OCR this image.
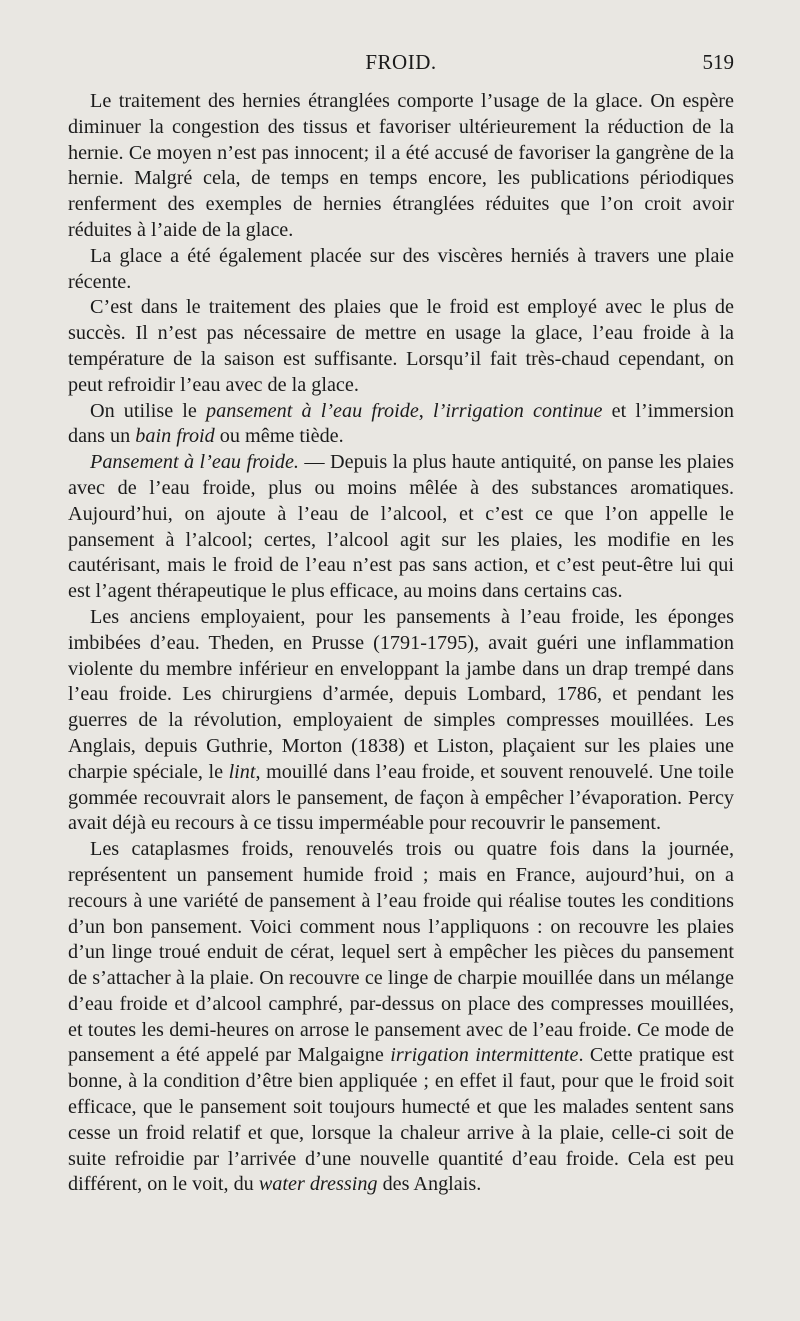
FROID.	519

Le traitement des hernies étranglées comporte l’usage de la glace. On espère diminuer la congestion des tissus et favoriser ultérieurement la réduction de la hernie. Ce moyen n’est pas innocent; il a été accusé de favoriser la gangrène de la hernie. Malgré cela, de temps en temps encore, les publications périodiques renferment des exemples de hernies étranglées réduites que l’on croit avoir réduites à l’aide de la glace.

La glace a été également placée sur des viscères herniés à travers une plaie récente.

C’est dans le traitement des plaies que le froid est employé avec le plus de succès. Il n’est pas nécessaire de mettre en usage la glace, l’eau froide à la température de la saison est suffisante. Lorsqu’il fait très-chaud cependant, on peut refroidir l’eau avec de la glace.

On utilise le pansement à l’eau froide, l’irrigation continue et l’immersion dans un bain froid ou même tiède.

Pansement à l’eau froide. — Depuis la plus haute antiquité, on panse les plaies avec de l’eau froide, plus ou moins mêlée à des substances aromatiques. Aujourd’hui, on ajoute à l’eau de l’alcool, et c’est ce que l’on appelle le pansement à l’alcool; certes, l’alcool agit sur les plaies, les modifie en les cautérisant, mais le froid de l’eau n’est pas sans action, et c’est peut-être lui qui est l’agent thérapeutique le plus efficace, au moins dans certains cas.

Les anciens employaient, pour les pansements à l’eau froide, les éponges imbibées d’eau. Theden, en Prusse (1791-1795), avait guéri une inflammation violente du membre inférieur en enveloppant la jambe dans un drap trempé dans l’eau froide. Les chirurgiens d’armée, depuis Lombard, 1786, et pendant les guerres de la révolution, employaient de simples compresses mouillées. Les Anglais, depuis Guthrie, Morton (1838) et Liston, plaçaient sur les plaies une charpie spéciale, le lint, mouillé dans l’eau froide, et souvent renouvelé. Une toile gommée recouvrait alors le pansement, de façon à empêcher l’évaporation. Percy avait déjà eu recours à ce tissu imperméable pour recouvrir le pansement.

Les cataplasmes froids, renouvelés trois ou quatre fois dans la journée, représentent un pansement humide froid ; mais en France, aujourd’hui, on a recours à une variété de pansement à l’eau froide qui réalise toutes les conditions d’un bon pansement. Voici comment nous l’appliquons : on recouvre les plaies d’un linge troué enduit de cérat, lequel sert à empêcher les pièces du pansement de s’attacher à la plaie. On recouvre ce linge de charpie mouillée dans un mélange d’eau froide et d’alcool camphré, par-dessus on place des compresses mouillées, et toutes les demi-heures on arrose le pansement avec de l’eau froide. Ce mode de pansement a été appelé par Malgaigne irrigation intermittente. Cette pratique est bonne, à la condition d’être bien appliquée ; en effet il faut, pour que le froid soit efficace, que le pansement soit toujours humecté et que les malades sentent sans cesse un froid relatif et que, lorsque la chaleur arrive à la plaie, celle-ci soit de suite refroidie par l’arrivée d’une nouvelle quantité d’eau froide. Cela est peu différent, on le voit, du water dressing des Anglais.
